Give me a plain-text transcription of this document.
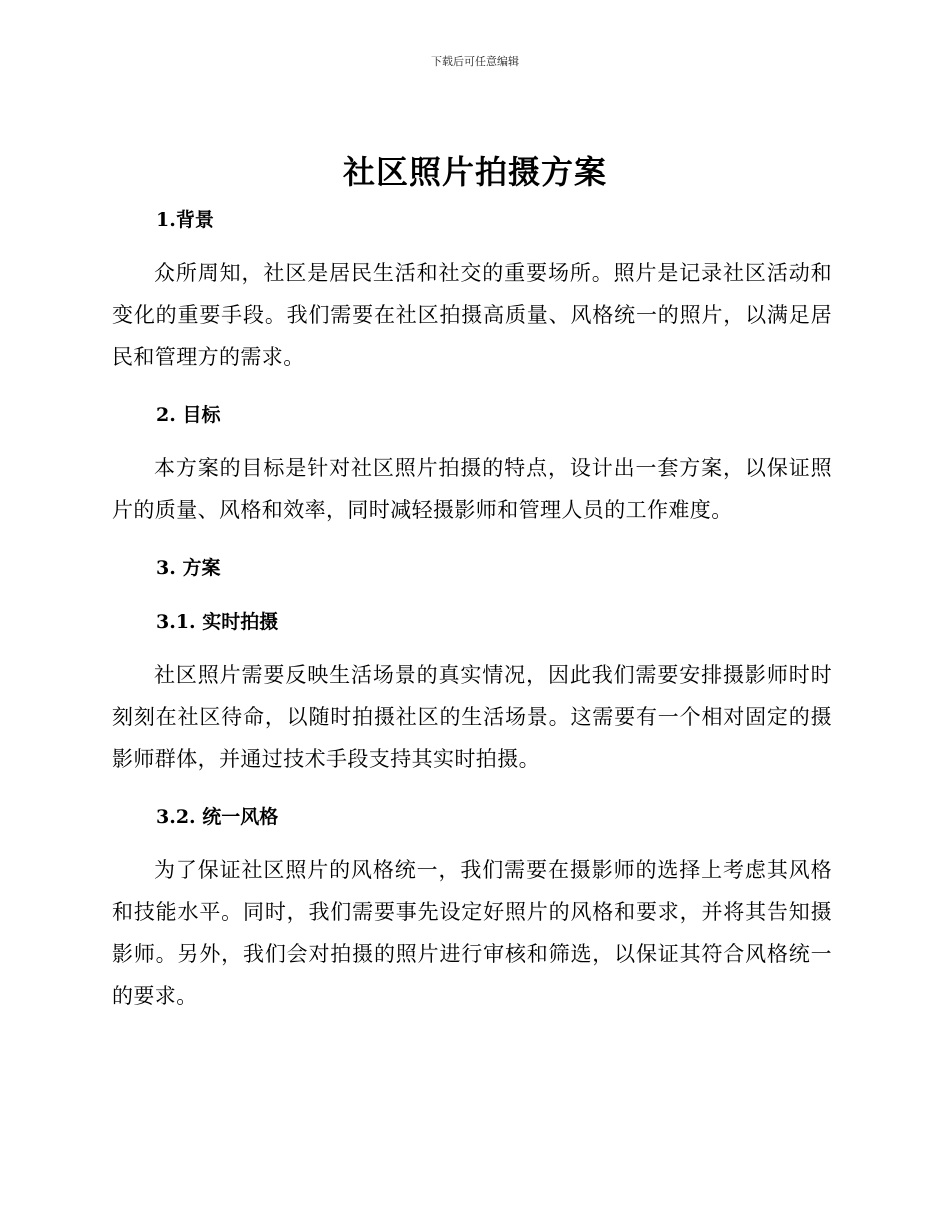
下载后可任意编辑
社区照片拍摄方案
1.背景

众所周知，社区是居民生活和社交的重要场所。照片是记录社区活动和变化的重要手段。我们需要在社区拍摄高质量、风格统一的照片，以满足居民和管理方的需求。

2. 目标

本方案的目标是针对社区照片拍摄的特点，设计出一套方案，以保证照片的质量、风格和效率，同时减轻摄影师和管理人员的工作难度。

3. 方案
3.1. 实时拍摄

社区照片需要反映生活场景的真实情况，因此我们需要安排摄影师时时刻刻在社区待命，以随时拍摄社区的生活场景。这需要有一个相对固定的摄影师群体，并通过技术手段支持其实时拍摄。

3.2. 统一风格

为了保证社区照片的风格统一，我们需要在摄影师的选择上考虑其风格和技能水平。同时，我们需要事先设定好照片的风格和要求，并将其告知摄影师。另外，我们会对拍摄的照片进行审核和筛选，以保证其符合风格统一的要求。
